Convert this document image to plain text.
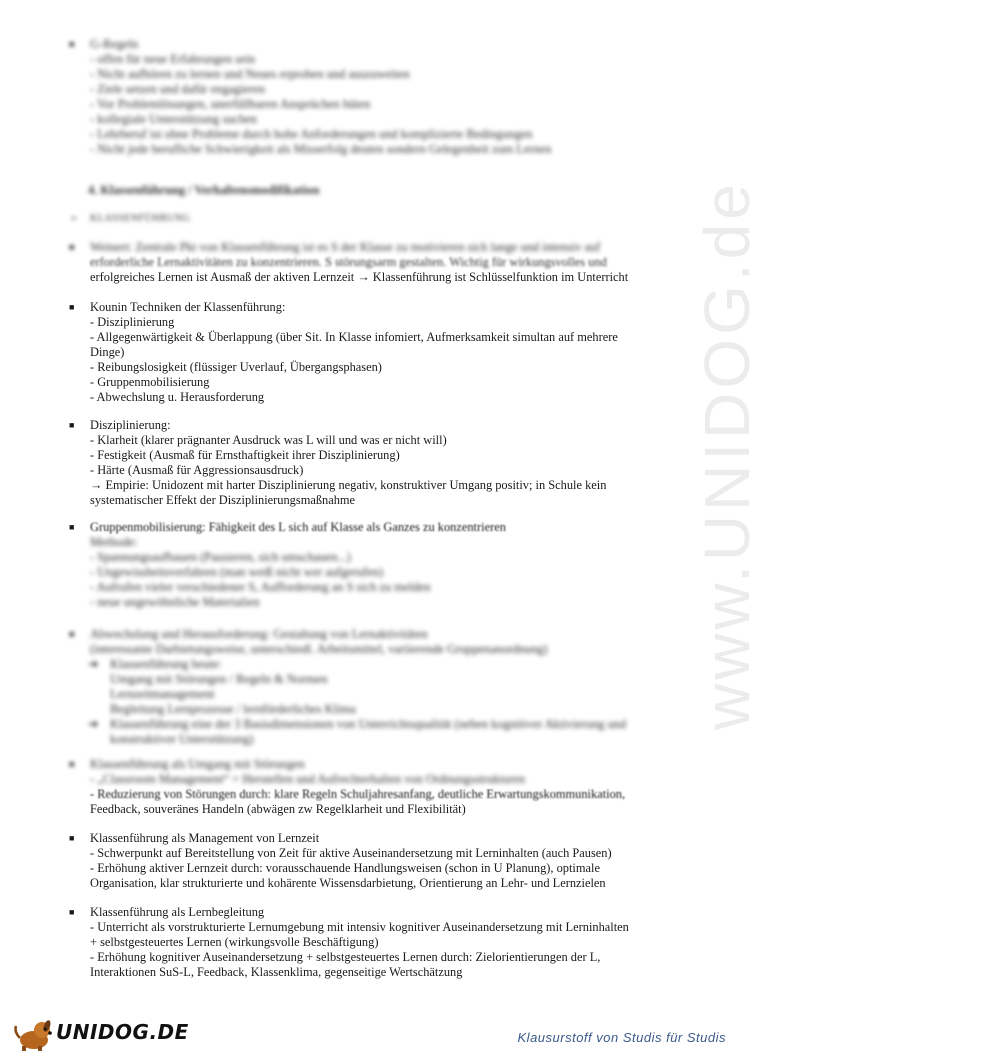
www.UNIDOG.de
■ G-Regeln
- offen für neue Erfahrungen sein
- Nicht aufhören zu lernen und Neues erproben und auszuweiten
- Ziele setzen und dafür engagieren
- Vor Problemlösungen, unerfüllbaren Ansprüchen hüten
- kollegiale Unterstützung suchen
- Lehrberuf ist ohne Probleme durch hohe Anforderungen und komplizierte Bedingungen
- Nicht jede berufliche Schwierigkeit als Misserfolg deuten sondern Gelegenheit zum Lernen
4. Klassenführung / Verhaltensmodifikation
➢ KLASSENFÜHRUNG
■ Weinert: Zentrale Pkt von Klassenführung ist es S der Klasse zu motivieren sich lange und intensiv auf
erforderliche Lernaktivitäten zu konzentrieren. S störungsarm gestalten. Wichtig für wirkungsvolles und
erfolgreiches Lernen ist Ausmaß der aktiven Lernzeit → Klassenführung ist Schlüsselfunktion im Unterricht
■ Kounin Techniken der Klassenführung:
- Disziplinierung
- Allgegenwärtigkeit & Überlappung (über Sit. In Klasse infomiert, Aufmerksamkeit simultan auf mehrere
Dinge)
- Reibungslosigkeit (flüssiger Uverlauf, Übergangsphasen)
- Gruppenmobilisierung
- Abwechslung u. Herausforderung
■ Disziplinierung:
- Klarheit (klarer prägnanter Ausdruck was L will und was er nicht will)
- Festigkeit (Ausmaß für Ernsthaftigkeit ihrer Disziplinierung)
- Härte (Ausmaß für Aggressionsausdruck)
→ Empirie: Unidozent mit harter Disziplinierung negativ, konstruktiver Umgang positiv; in Schule kein
systematischer Effekt der Disziplinierungsmaßnahme
■ Gruppenmobilisierung: Fähigkeit des L sich auf Klasse als Ganzes zu konzentrieren
Methode:
- Spannungsaufbauen (Pausieren, sich umschauen...)
- Ungewissheitsverfahren (man weiß nicht wer aufgerufen)
- Aufrufen vieler verschiedener S, Aufforderung an S sich zu melden
- neue ungewöhnliche Materialien
■ Abwechslung und Herausforderung: Gestaltung von Lernaktivitäten
(interessante Darbietungsweise, unterschiedl. Arbeitsmittel, variierende Gruppenanordnung)
➔ Klassenführung heute:
Umgang mit Störungen / Regeln & Normen
Lernzeitmanagement
Begleitung Lernprozesse / lernförderliches Klima
➔ Klassenführung eine der 3 Basisdimensionen von Unterrichtsqualität (neben kognitiver Aktivierung und
konstruktiver Unterstützung)
■ Klassenführung als Umgang mit Störungen
- „Classroom Management“ = Herstellen und Aufrechterhalten von Ordnungsstrukturen
- Reduzierung von Störungen durch: klare Regeln Schuljahresanfang, deutliche Erwartungskommunikation,
Feedback, souveränes Handeln (abwägen zw Regelklarheit und Flexibilität)
■ Klassenführung als Management von Lernzeit
- Schwerpunkt auf Bereitstellung von Zeit für aktive Auseinandersetzung mit Lerninhalten (auch Pausen)
- Erhöhung aktiver Lernzeit durch: vorausschauende Handlungsweisen (schon in U Planung), optimale
Organisation, klar strukturierte und kohärente Wissensdarbietung, Orientierung an Lehr- und Lernzielen
■ Klassenführung als Lernbegleitung
- Unterricht als vorstrukturierte Lernumgebung mit intensiv kognitiver Auseinandersetzung mit Lerninhalten
+ selbstgesteuertes Lernen (wirkungsvolle Beschäftigung)
- Erhöhung kognitiver Auseinandersetzung + selbstgesteuertes Lernen durch: Zielorientierungen der L,
Interaktionen SuS-L, Feedback, Klassenklima, gegenseitige Wertschätzung
UNIDOG.DE	Klausurstoff von Studis für Studis
